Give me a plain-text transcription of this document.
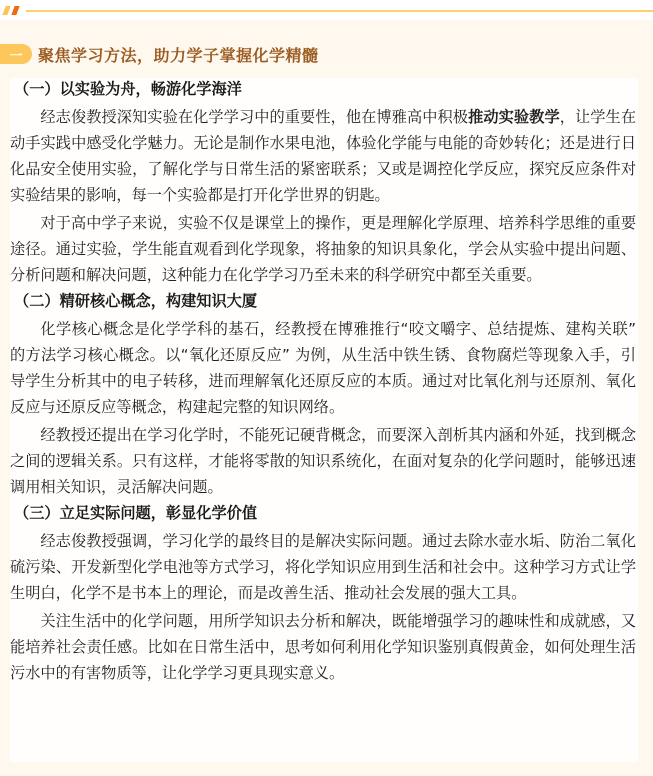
一 聚焦学习方法，助力学子掌握化学精髓
（一）以实验为舟，畅游化学海洋

经志俊教授深知实验在化学学习中的重要性，他在博雅高中积极推动实验教学，让学生在动手实践中感受化学魅力。无论是制作水果电池，体验化学能与电能的奇妙转化；还是进行日化品安全使用实验，了解化学与日常生活的紧密联系；又或是调控化学反应，探究反应条件对实验结果的影响，每一个实验都是打开化学世界的钥匙。

对于高中学子来说，实验不仅是课堂上的操作，更是理解化学原理、培养科学思维的重要途径。通过实验，学生能直观看到化学现象，将抽象的知识具象化，学会从实验中提出问题、分析问题和解决问题，这种能力在化学学习乃至未来的科学研究中都至关重要。

（二）精研核心概念，构建知识大厦

化学核心概念是化学学科的基石，经教授在博雅推行“咬文嚼字、总结提炼、建构关联” 的方法学习核心概念。以“氧化还原反应” 为例，从生活中铁生锈、食物腐烂等现象入手，引导学生分析其中的电子转移，进而理解氧化还原反应的本质。通过对比氧化剂与还原剂、氧化反应与还原反应等概念，构建起完整的知识网络。

经教授还提出在学习化学时，不能死记硬背概念，而要深入剖析其内涵和外延，找到概念之间的逻辑关系。只有这样，才能将零散的知识系统化，在面对复杂的化学问题时，能够迅速调用相关知识，灵活解决问题。

（三）立足实际问题，彰显化学价值

经志俊教授强调，学习化学的最终目的是解决实际问题。通过去除水壶水垢、防治二氧化硫污染、开发新型化学电池等方式学习，将化学知识应用到生活和社会中。这种学习方式让学生明白，化学不是书本上的理论，而是改善生活、推动社会发展的强大工具。

关注生活中的化学问题，用所学知识去分析和解决，既能增强学习的趣味性和成就感，又能培养社会责任感。比如在日常生活中，思考如何利用化学知识鉴别真假黄金，如何处理生活污水中的有害物质等，让化学学习更具现实意义。
